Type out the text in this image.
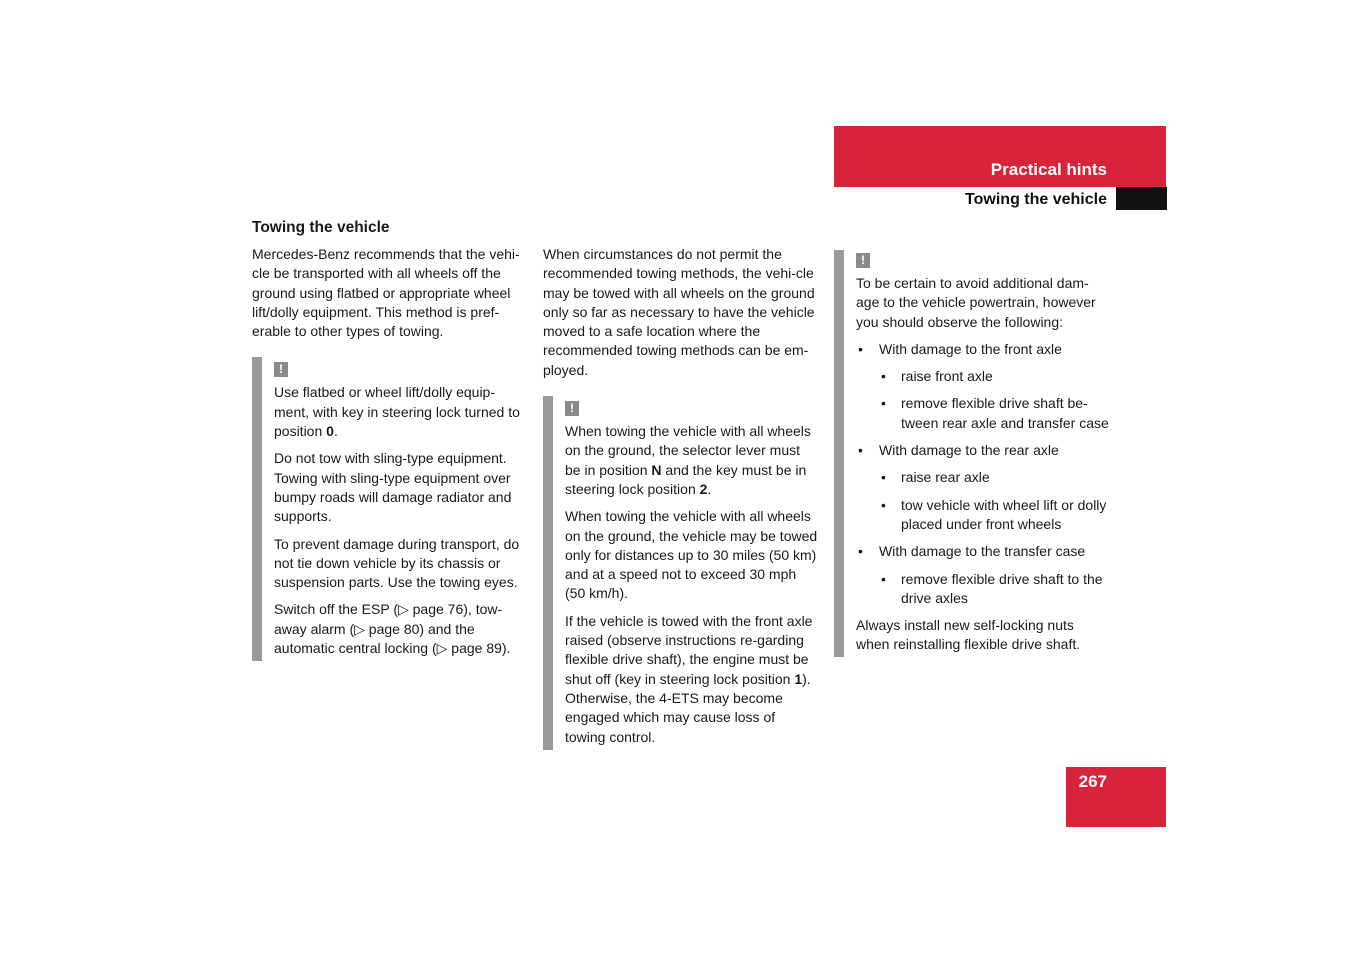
Practical hints
Towing the vehicle
Towing the vehicle

Mercedes-Benz recommends that the vehi-cle be transported with all wheels off the ground using flatbed or appropriate wheel lift/dolly equipment. This method is pref-erable to other types of towing.

!

Use flatbed or wheel lift/dolly equip-ment, with key in steering lock turned to position 0.

Do not tow with sling-type equipment. Towing with sling-type equipment over bumpy roads will damage radiator and supports.

To prevent damage during transport, do not tie down vehicle by its chassis or suspension parts. Use the towing eyes.

Switch off the ESP (▷ page 76), tow-away alarm (▷ page 80) and the automatic central locking (▷ page 89).

When circumstances do not permit the recommended towing methods, the vehi-cle may be towed with all wheels on the ground only so far as necessary to have the vehicle moved to a safe location where the recommended towing methods can be em-ployed.

!

When towing the vehicle with all wheels on the ground, the selector lever must be in position N and the key must be in steering lock position 2.

When towing the vehicle with all wheels on the ground, the vehicle may be towed only for distances up to 30 miles (50 km) and at a speed not to exceed 30 mph (50 km/h).

If the vehicle is towed with the front axle raised (observe instructions re-garding flexible drive shaft), the engine must be shut off (key in steering lock position 1). Otherwise, the 4-ETS may become engaged which may cause loss of towing control.

!

To be certain to avoid additional dam-age to the vehicle powertrain, however you should observe the following:

• With damage to the front axle
• raise front axle
• remove flexible drive shaft be-tween rear axle and transfer case
• With damage to the rear axle
• raise rear axle
• tow vehicle with wheel lift or dolly placed under front wheels
• With damage to the transfer case
• remove flexible drive shaft to the drive axles

Always install new self-locking nuts when reinstalling flexible drive shaft.

267
